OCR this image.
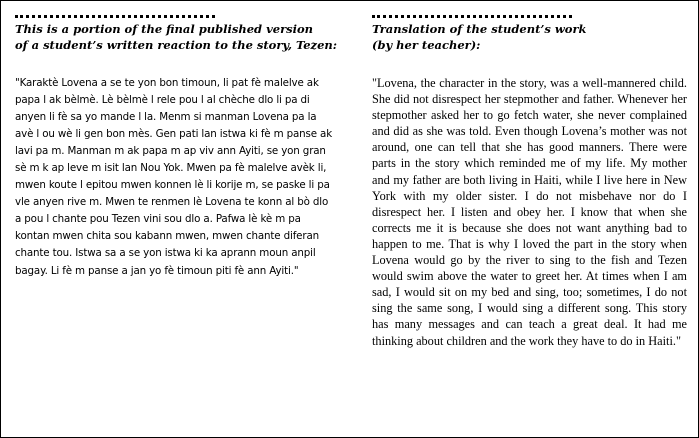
This is a portion of the final published version

of a student’s written reaction to the story, Tezen:

"Karaktè Lovena a se te yon bon timoun, li pat fè malelve ak papa l ak bèlmè. Lè bèlmè l rele pou l al chèche dlo li pa di anyen li fè sa yo mande l la. Menm si manman Lovena pa la avè l ou wè li gen bon mès. Gen pati lan istwa ki fè m panse ak lavi pa m. Manman m ak papa m ap viv ann Ayiti, se yon gran sè m k ap leve m isit lan Nou Yok. Mwen pa fè malelve avèk li, mwen koute l epitou mwen konnen lè li korije m, se paske li pa vle anyen rive m. Mwen te renmen lè Lovena te konn al bò dlo a pou l chante pou Tezen vini sou dlo a. Pafwa lè kè m pa kontan mwen chita sou kabann mwen, mwen chante diferan chante tou. Istwa sa a se yon istwa ki ka aprann moun anpil bagay. Li fè m panse a jan yo fè timoun piti fè ann Ayiti."

Translation of the student’s work

(by her teacher):

"Lovena, the character in the story, was a well-mannered child. She did not disrespect her stepmother and father. Whenever her stepmother asked her to go fetch water, she never complained and did as she was told. Even though Lovena’s mother was not around, one can tell that she has good manners. There were parts in the story which reminded me of my life. My mother and my father are both living in Haiti, while I live here in New York with my older sister. I do not misbehave nor do I disrespect her. I listen and obey her. I know that when she corrects me it is because she does not want anything bad to happen to me. That is why I loved the part in the story when Lovena would go by the river to sing to the fish and Tezen would swim above the water to greet her. At times when I am sad, I would sit on my bed and sing, too; sometimes, I do not sing the same song, I would sing a different song. This story has many messages and can teach a great deal. It had me thinking about children and the work they have to do in Haiti."
